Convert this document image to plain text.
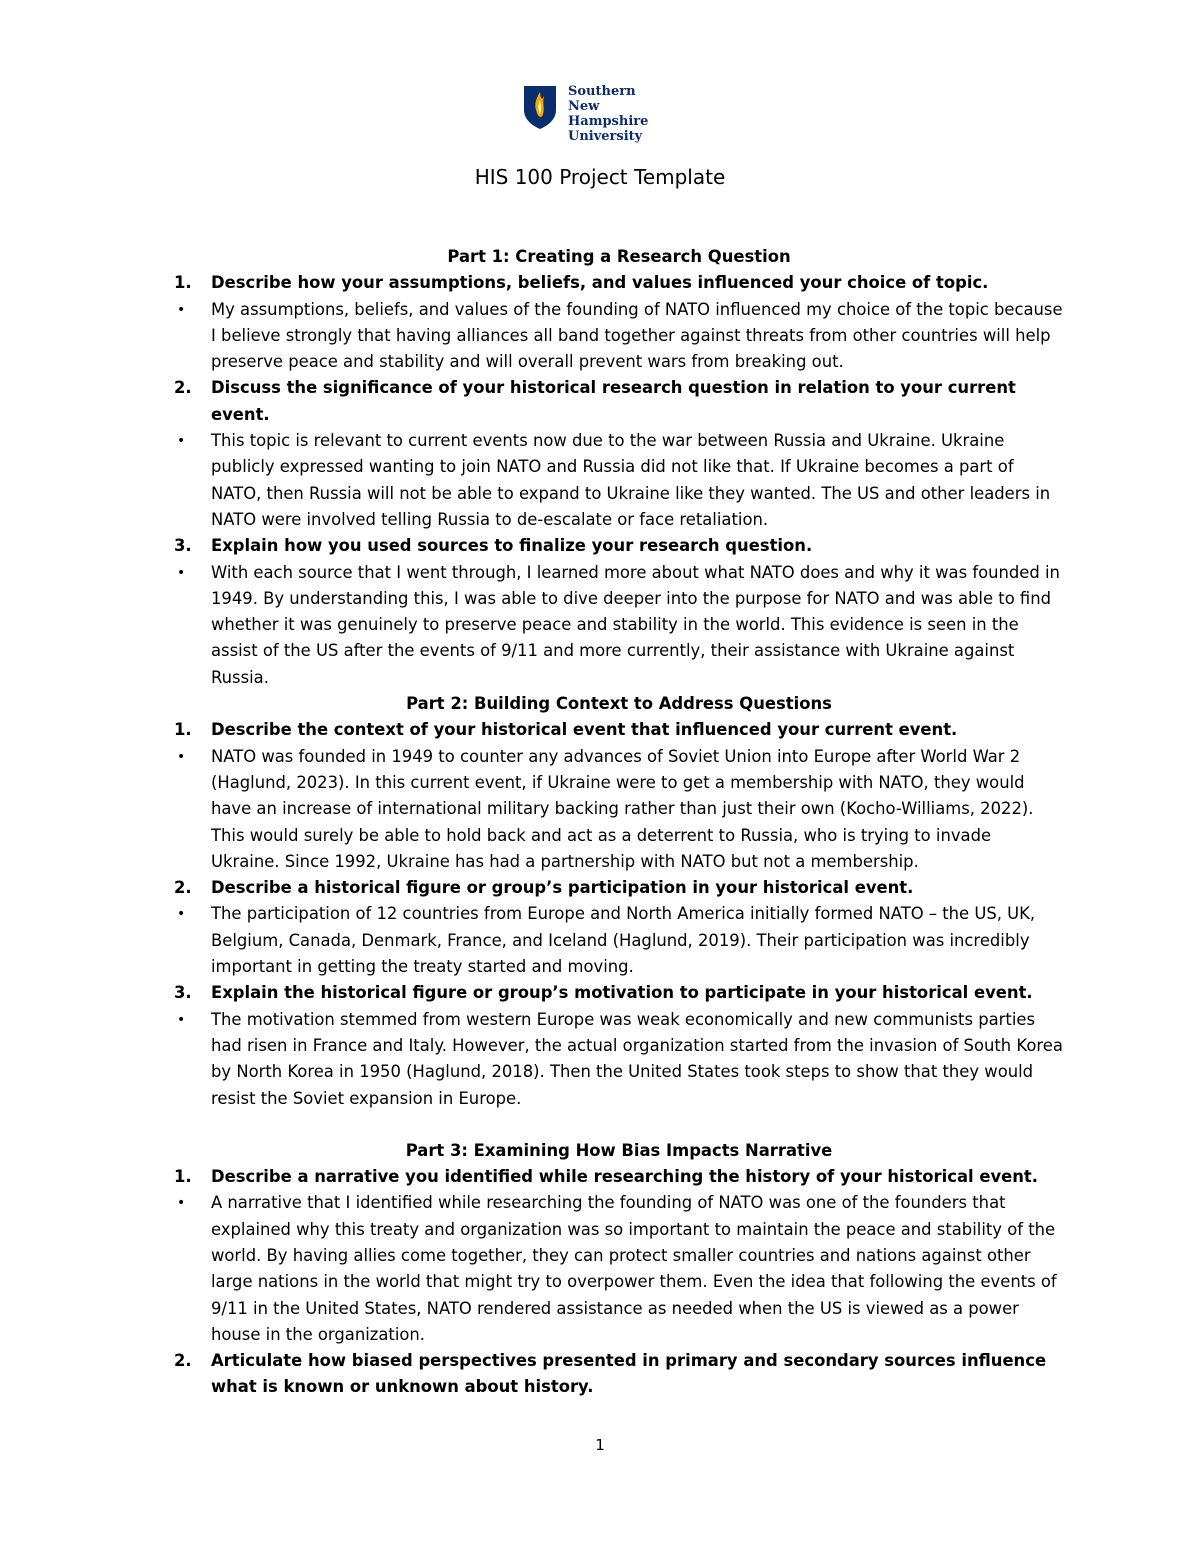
Southern
New Hampshire
University
HIS 100 Project Template

Part 1: Creating a Research Question

1. Describe how your assumptions, beliefs, and values influenced your choice of topic.

• My assumptions, beliefs, and values of the founding of NATO influenced my choice of the topic because I believe strongly that having alliances all band together against threats from other countries will help preserve peace and stability and will overall prevent wars from breaking out.

2. Discuss the significance of your historical research question in relation to your current event.

• This topic is relevant to current events now due to the war between Russia and Ukraine. Ukraine publicly expressed wanting to join NATO and Russia did not like that. If Ukraine becomes a part of NATO, then Russia will not be able to expand to Ukraine like they wanted. The US and other leaders in NATO were involved telling Russia to de-escalate or face retaliation.

3. Explain how you used sources to finalize your research question.

• With each source that I went through, I learned more about what NATO does and why it was founded in 1949. By understanding this, I was able to dive deeper into the purpose for NATO and was able to find whether it was genuinely to preserve peace and stability in the world. This evidence is seen in the assist of the US after the events of 9/11 and more currently, their assistance with Ukraine against Russia.

Part 2: Building Context to Address Questions

1. Describe the context of your historical event that influenced your current event.

• NATO was founded in 1949 to counter any advances of Soviet Union into Europe after World War 2 (Haglund, 2023). In this current event, if Ukraine were to get a membership with NATO, they would have an increase of international military backing rather than just their own (Kocho-Williams, 2022). This would surely be able to hold back and act as a deterrent to Russia, who is trying to invade Ukraine. Since 1992, Ukraine has had a partnership with NATO but not a membership.

2. Describe a historical figure or group’s participation in your historical event.

• The participation of 12 countries from Europe and North America initially formed NATO – the US, UK, Belgium, Canada, Denmark, France, and Iceland (Haglund, 2019). Their participation was incredibly important in getting the treaty started and moving.

3. Explain the historical figure or group’s motivation to participate in your historical event.

• The motivation stemmed from western Europe was weak economically and new communists parties had risen in France and Italy. However, the actual organization started from the invasion of South Korea by North Korea in 1950 (Haglund, 2018). Then the United States took steps to show that they would resist the Soviet expansion in Europe.

Part 3: Examining How Bias Impacts Narrative

1. Describe a narrative you identified while researching the history of your historical event.

• A narrative that I identified while researching the founding of NATO was one of the founders that explained why this treaty and organization was so important to maintain the peace and stability of the world. By having allies come together, they can protect smaller countries and nations against other large nations in the world that might try to overpower them. Even the idea that following the events of 9/11 in the United States, NATO rendered assistance as needed when the US is viewed as a power house in the organization.

2. Articulate how biased perspectives presented in primary and secondary sources influence what is known or unknown about history.

1
